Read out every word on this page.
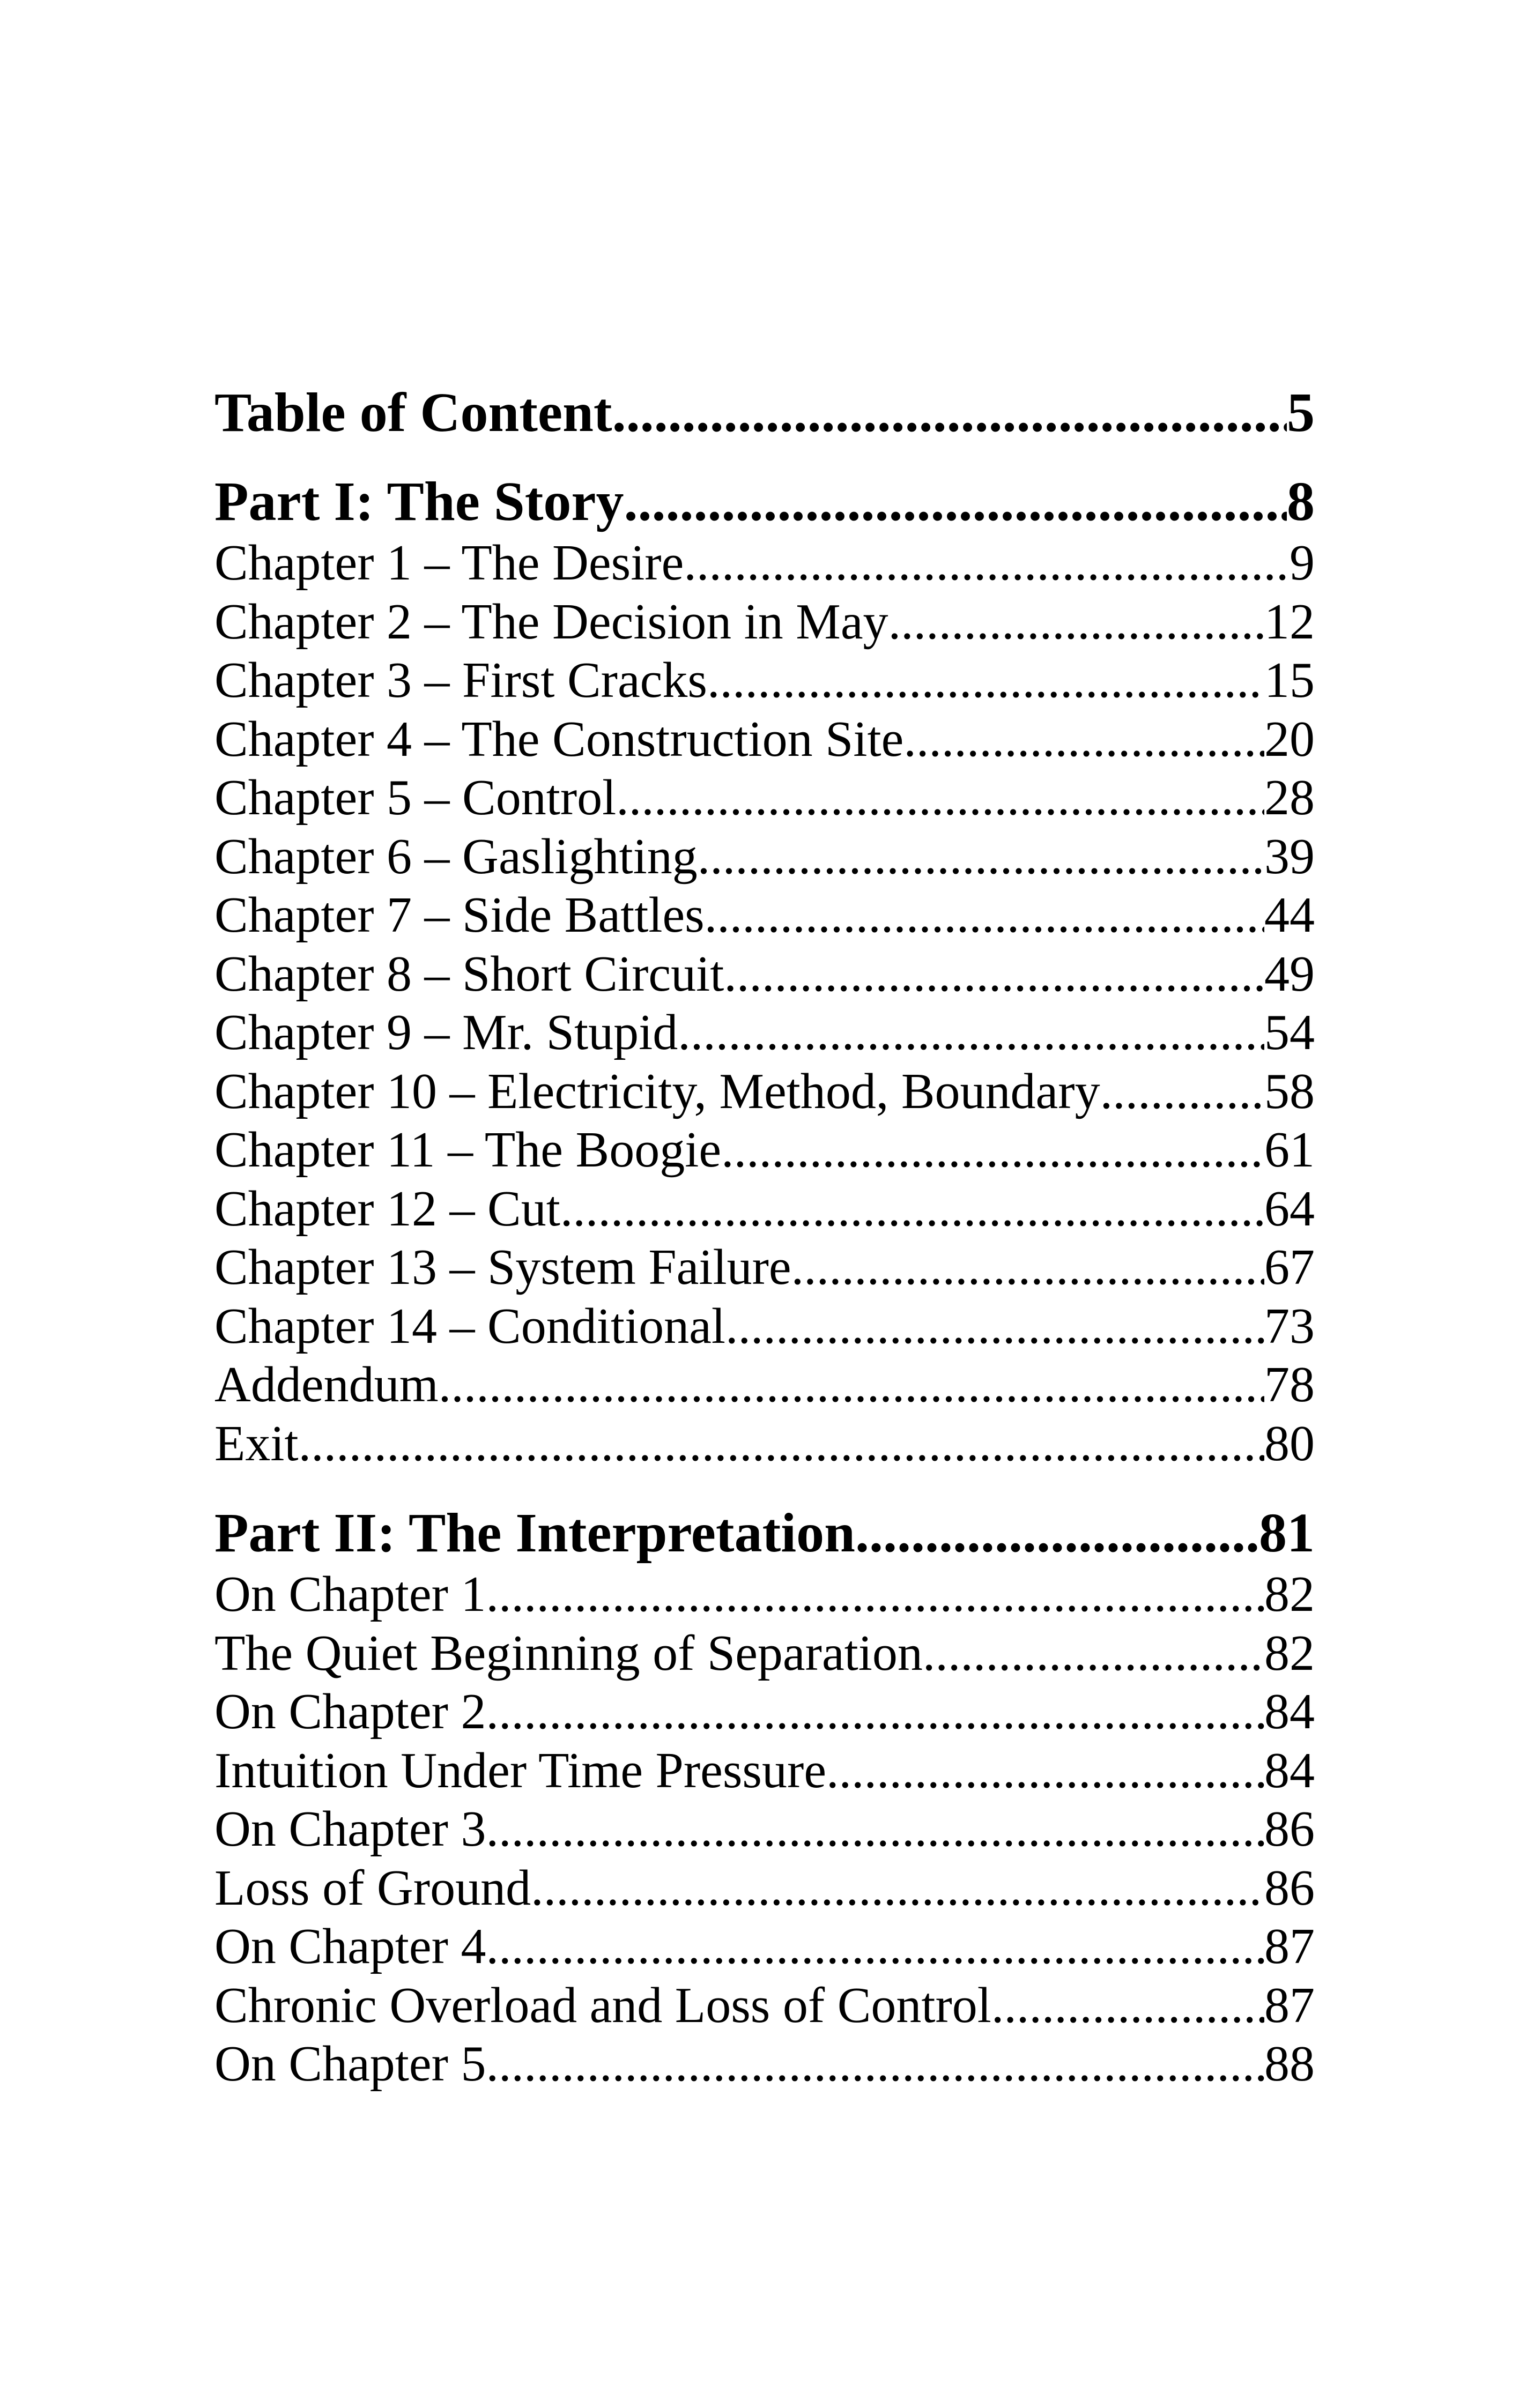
Table of Content .....	5
Part I: The Story .....	8
Chapter 1 – The Desire .....	9
Chapter 2 – The Decision in May .....	12
Chapter 3 – First Cracks .....	15
Chapter 4 – The Construction Site .....	20
Chapter 5 – Control .....	28
Chapter 6 – Gaslighting .....	39
Chapter 7 – Side Battles .....	44
Chapter 8 – Short Circuit .....	49
Chapter 9 – Mr. Stupid .....	54
Chapter 10 – Electricity, Method, Boundary .....	58
Chapter 11 – The Boogie .....	61
Chapter 12 – Cut .....	64
Chapter 13 – System Failure .....	67
Chapter 14 – Conditional .....	73
Addendum .....	78
Exit .....	80
Part II: The Interpretation .....	81
On Chapter 1 .....	82
The Quiet Beginning of Separation .....	82
On Chapter 2 .....	84
Intuition Under Time Pressure .....	84
On Chapter 3 .....	86
Loss of Ground .....	86
On Chapter 4 .....	87
Chronic Overload and Loss of Control .....	87
On Chapter 5 .....	88
